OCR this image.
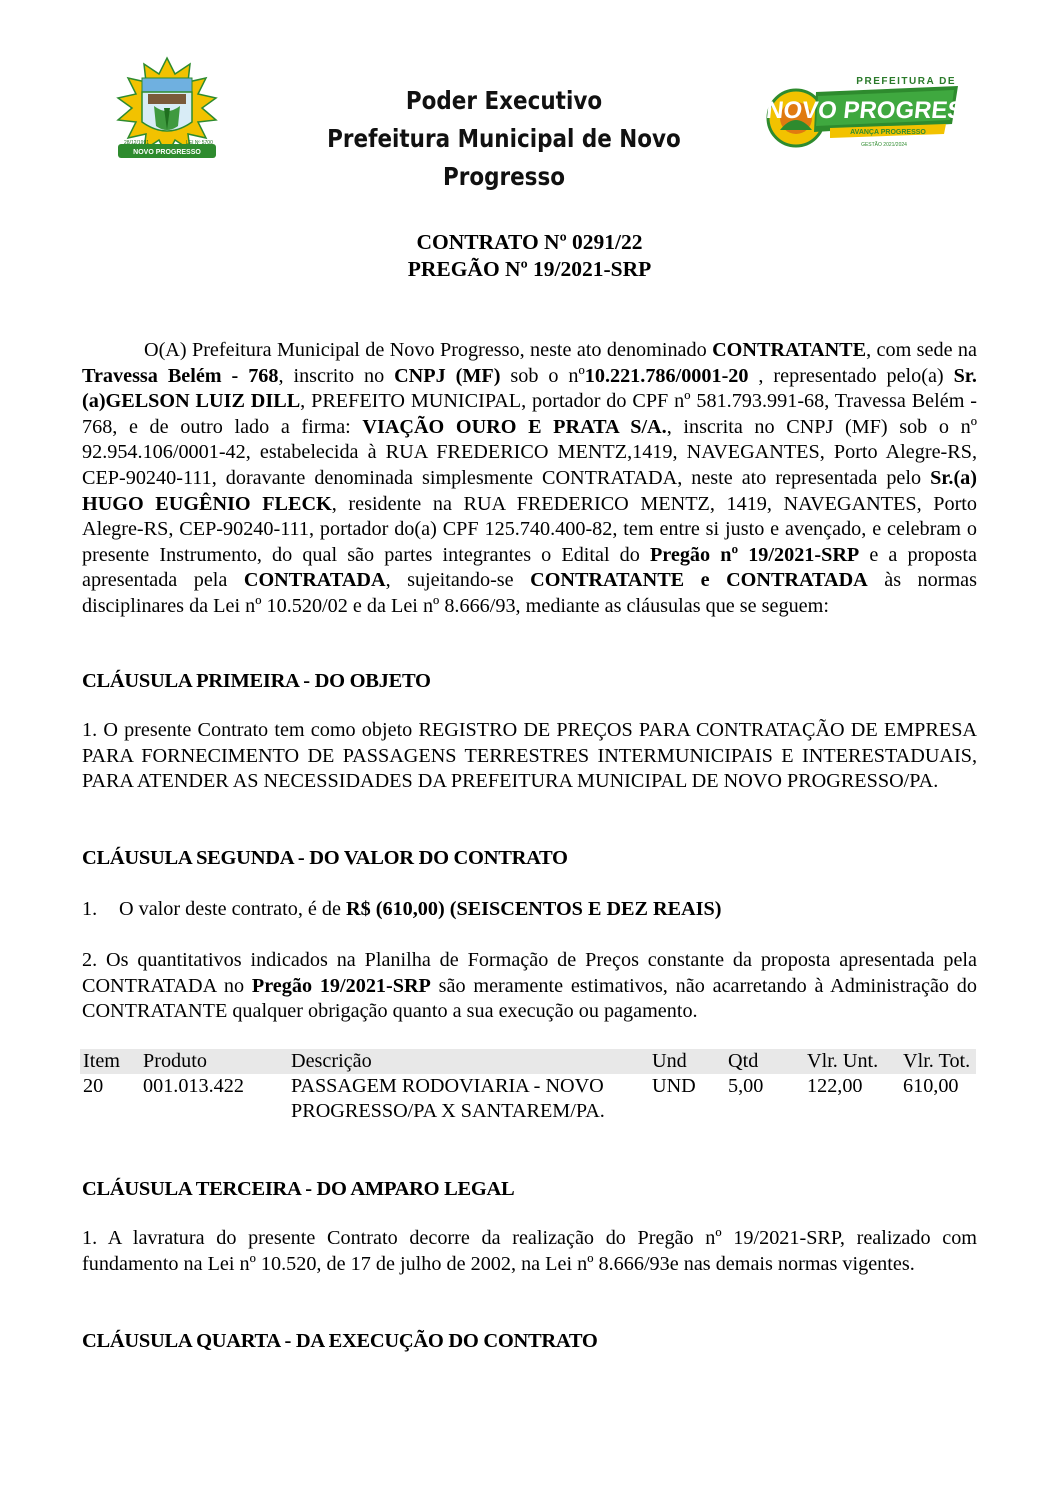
NOVO PROGRESSO
28/12/1991	LEI Nº 5700
Poder Executivo
Prefeitura Municipal de Novo Progresso
NOVO PROGRESSO
AVANÇA PROGRESSO
GESTÃO 2021/2024
PREFEITURA DE
CONTRATO Nº 0291/22
PREGÃO Nº 19/2021-SRP
O(A) Prefeitura Municipal de Novo Progresso, neste ato denominado CONTRATANTE, com sede na Travessa Belém - 768, inscrito no CNPJ (MF) sob o nº10.221.786/0001-20 , representado pelo(a) Sr.(a)GELSON LUIZ DILL, PREFEITO MUNICIPAL, portador do CPF nº 581.793.991-68, Travessa Belém - 768, e de outro lado a firma: VIAÇÃO OURO E PRATA S/A., inscrita no CNPJ (MF) sob o nº 92.954.106/0001-42, estabelecida à RUA FREDERICO MENTZ,1419, NAVEGANTES, Porto Alegre-RS, CEP-90240-111, doravante denominada simplesmente CONTRATADA, neste ato representada pelo Sr.(a) HUGO EUGÊNIO FLECK, residente na RUA FREDERICO MENTZ, 1419, NAVEGANTES, Porto Alegre-RS, CEP-90240-111, portador do(a) CPF 125.740.400-82, tem entre si justo e avençado, e celebram o presente Instrumento, do qual são partes integrantes o Edital do Pregão nº 19/2021-SRP e a proposta apresentada pela CONTRATADA, sujeitando-se CONTRATANTE e CONTRATADA às normas disciplinares da Lei nº 10.520/02 e da Lei nº 8.666/93, mediante as cláusulas que se seguem:
CLÁUSULA PRIMEIRA - DO OBJETO
1. O presente Contrato tem como objeto REGISTRO DE PREÇOS PARA CONTRATAÇÃO DE EMPRESA PARA FORNECIMENTO DE PASSAGENS TERRESTRES INTERMUNICIPAIS E INTERESTADUAIS, PARA ATENDER AS NECESSIDADES DA PREFEITURA MUNICIPAL DE NOVO PROGRESSO/PA.
CLÁUSULA SEGUNDA - DO VALOR DO CONTRATO
1. O valor deste contrato, é de R$ (610,00) (SEISCENTOS E DEZ REAIS)
2. Os quantitativos indicados na Planilha de Formação de Preços constante da proposta apresentada pela CONTRATADA no Pregão 19/2021-SRP são meramente estimativos, não acarretando à Administração do CONTRATANTE qualquer obrigação quanto a sua execução ou pagamento.
Item	Produto	Descrição	Und	Qtd	Vlr. Unt.	Vlr. Tot.
20	001.013.422	PASSAGEM RODOVIARIA - NOVO PROGRESSO/PA X SANTAREM/PA.	UND	5,00	122,00	610,00
CLÁUSULA TERCEIRA - DO AMPARO LEGAL
1. A lavratura do presente Contrato decorre da realização do Pregão nº 19/2021-SRP, realizado com fundamento na Lei nº 10.520, de 17 de julho de 2002, na Lei nº 8.666/93e nas demais normas vigentes.
CLÁUSULA QUARTA - DA EXECUÇÃO DO CONTRATO
